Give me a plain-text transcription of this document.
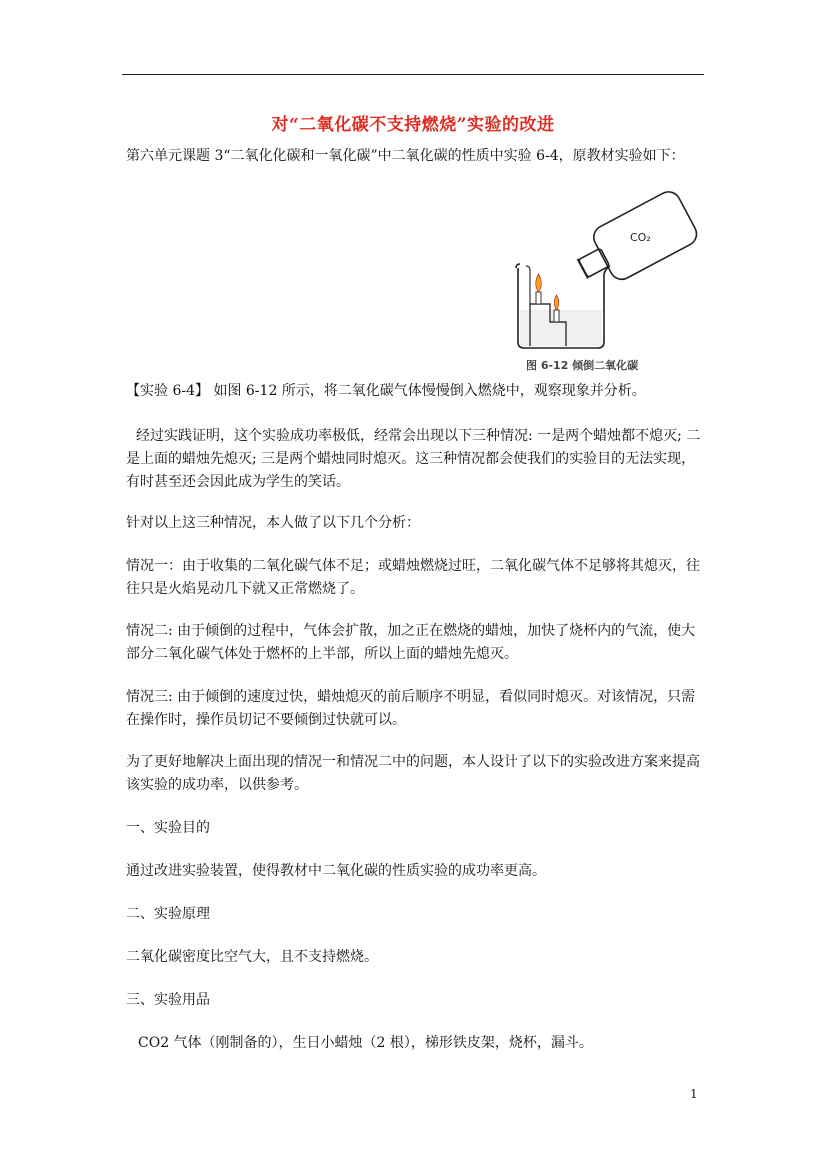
对“二氧化碳不支持燃烧”实验的改进
第六单元课题 3“二氧化化碳和一氧化碳”中二氧化碳的性质中实验 6-4，原教材实验如下：
CO₂
图 6-12 倾倒二氧化碳
【实验 6-4】 如图 6-12 所示，将二氧化碳气体慢慢倒入燃烧中，观察现象并分析。
经过实践证明，这个实验成功率极低，经常会出现以下三种情况: 一是两个蜡烛都不熄灭; 二是上面的蜡烛先熄灭; 三是两个蜡烛同时熄灭。这三种情况都会使我们的实验目的无法实现，有时甚至还会因此成为学生的笑话。
针对以上这三种情况，本人做了以下几个分析：
情况一：由于收集的二氧化碳气体不足；或蜡烛燃烧过旺，二氧化碳气体不足够将其熄灭，往往只是火焰晃动几下就又正常燃烧了。
情况二: 由于倾倒的过程中，气体会扩散，加之正在燃烧的蜡烛，加快了烧杯内的气流，使大部分二氧化碳气体处于燃杯的上半部，所以上面的蜡烛先熄灭。
情况三: 由于倾倒的速度过快，蜡烛熄灭的前后顺序不明显，看似同时熄灭。对该情况，只需在操作时，操作员切记不要倾倒过快就可以。
为了更好地解决上面出现的情况一和情况二中的问题，本人设计了以下的实验改进方案来提高该实验的成功率，以供参考。
一、实验目的
通过改进实验装置，使得教材中二氧化碳的性质实验的成功率更高。
二、实验原理
二氧化碳密度比空气大，且不支持燃烧。
三、实验用品
CO2 气体（刚制备的），生日小蜡烛（2 根），梯形铁皮架，烧杯，漏斗。
1
